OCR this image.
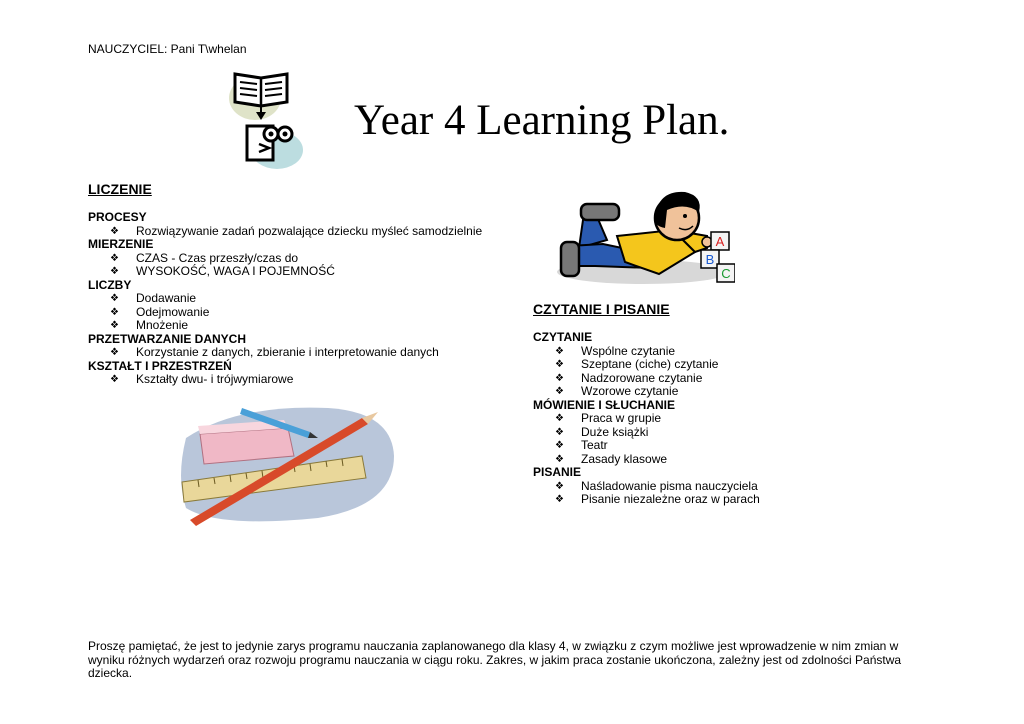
NAUCZYCIEL: Pani T\whelan
Year 4 Learning Plan.
LICZENIE
PROCESY
❖ Rozwiązywanie zadań pozwalające dziecku myśleć samodzielnie
MIERZENIE
❖ CZAS - Czas przeszły/czas do
❖ WYSOKOŚĆ, WAGA I POJEMNOŚĆ
LICZBY
❖ Dodawanie
❖ Odejmowanie
❖ Mnożenie
PRZETWARZANIE DANYCH
❖ Korzystanie z danych, zbieranie i interpretowanie danych
KSZTAŁT I PRZESTRZEŃ
❖ Kształty dwu- i trójwymiarowe
A
B
C
CZYTANIE I PISANIE
CZYTANIE
❖ Wspólne czytanie
❖ Szeptane (ciche) czytanie
❖ Nadzorowane czytanie
❖ Wzorowe czytanie
MÓWIENIE I SŁUCHANIE
❖ Praca w grupie
❖ Duże książki
❖ Teatr
❖ Zasady klasowe
PISANIE
❖ Naśladowanie pisma nauczyciela
❖ Pisanie niezależne oraz w parach
Proszę pamiętać, że jest to jedynie zarys programu nauczania zaplanowanego dla klasy 4, w związku z czym możliwe jest wprowadzenie w nim zmian w wyniku różnych wydarzeń oraz rozwoju programu nauczania w ciągu roku. Zakres, w jakim praca zostanie ukończona, zależny jest od zdolności Państwa dziecka.
